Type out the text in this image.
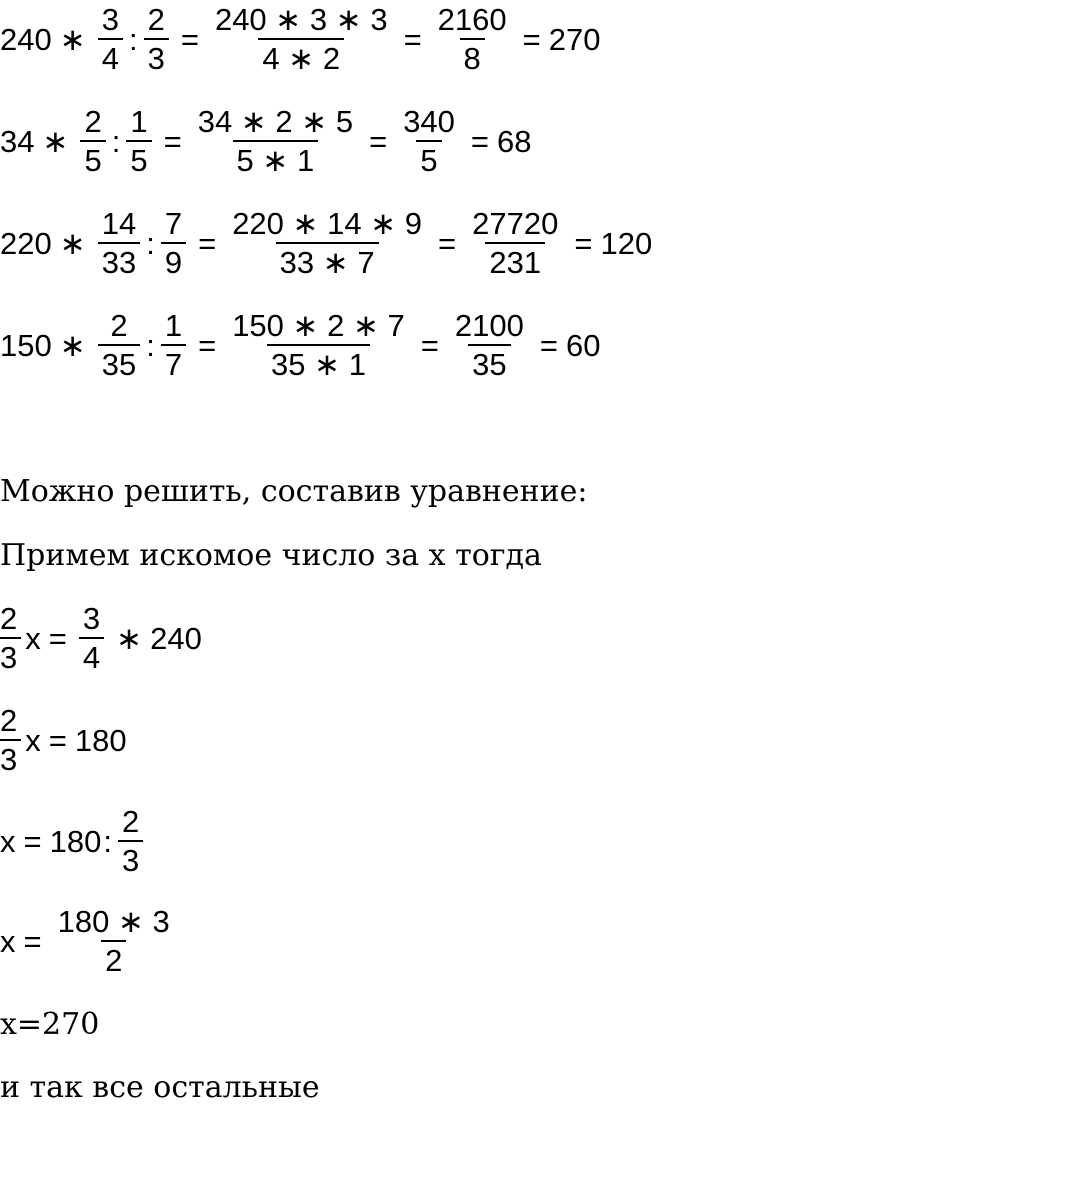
240 ∗ $\frac{3}{4}$ : $\frac{2}{3} = \frac{240 ∗ 3 ∗ 3}{4 ∗ 2} = \frac{2160}{8} = 270$
34 ∗ $\frac{2}{5}$ : $\frac{1}{5} = \frac{34 ∗ 2 ∗ 5}{5 ∗ 1} = \frac{340}{5} = 68$
220 ∗ $\frac{14}{33}$ : $\frac{7}{9} = \frac{220 ∗ 14 ∗ 9}{33 ∗ 7} = \frac{27720}{231} = 120$
150 ∗ $\frac{2}{35}$ : $\frac{1}{7} = \frac{150 ∗ 2 ∗ 7}{35 ∗ 1} = \frac{2100}{35} = 60$
Можно решить, составив уравнение:
Примем искомое число за х тогда
$\frac{2}{3}$ $x = \frac{3}{4}$ ∗ 240
$\frac{2}{3}$ x = 180
x = 180 : $\frac{2}{3}$
$x = \frac{180 ∗ 3}{2}$
х=270
и так все остальные
